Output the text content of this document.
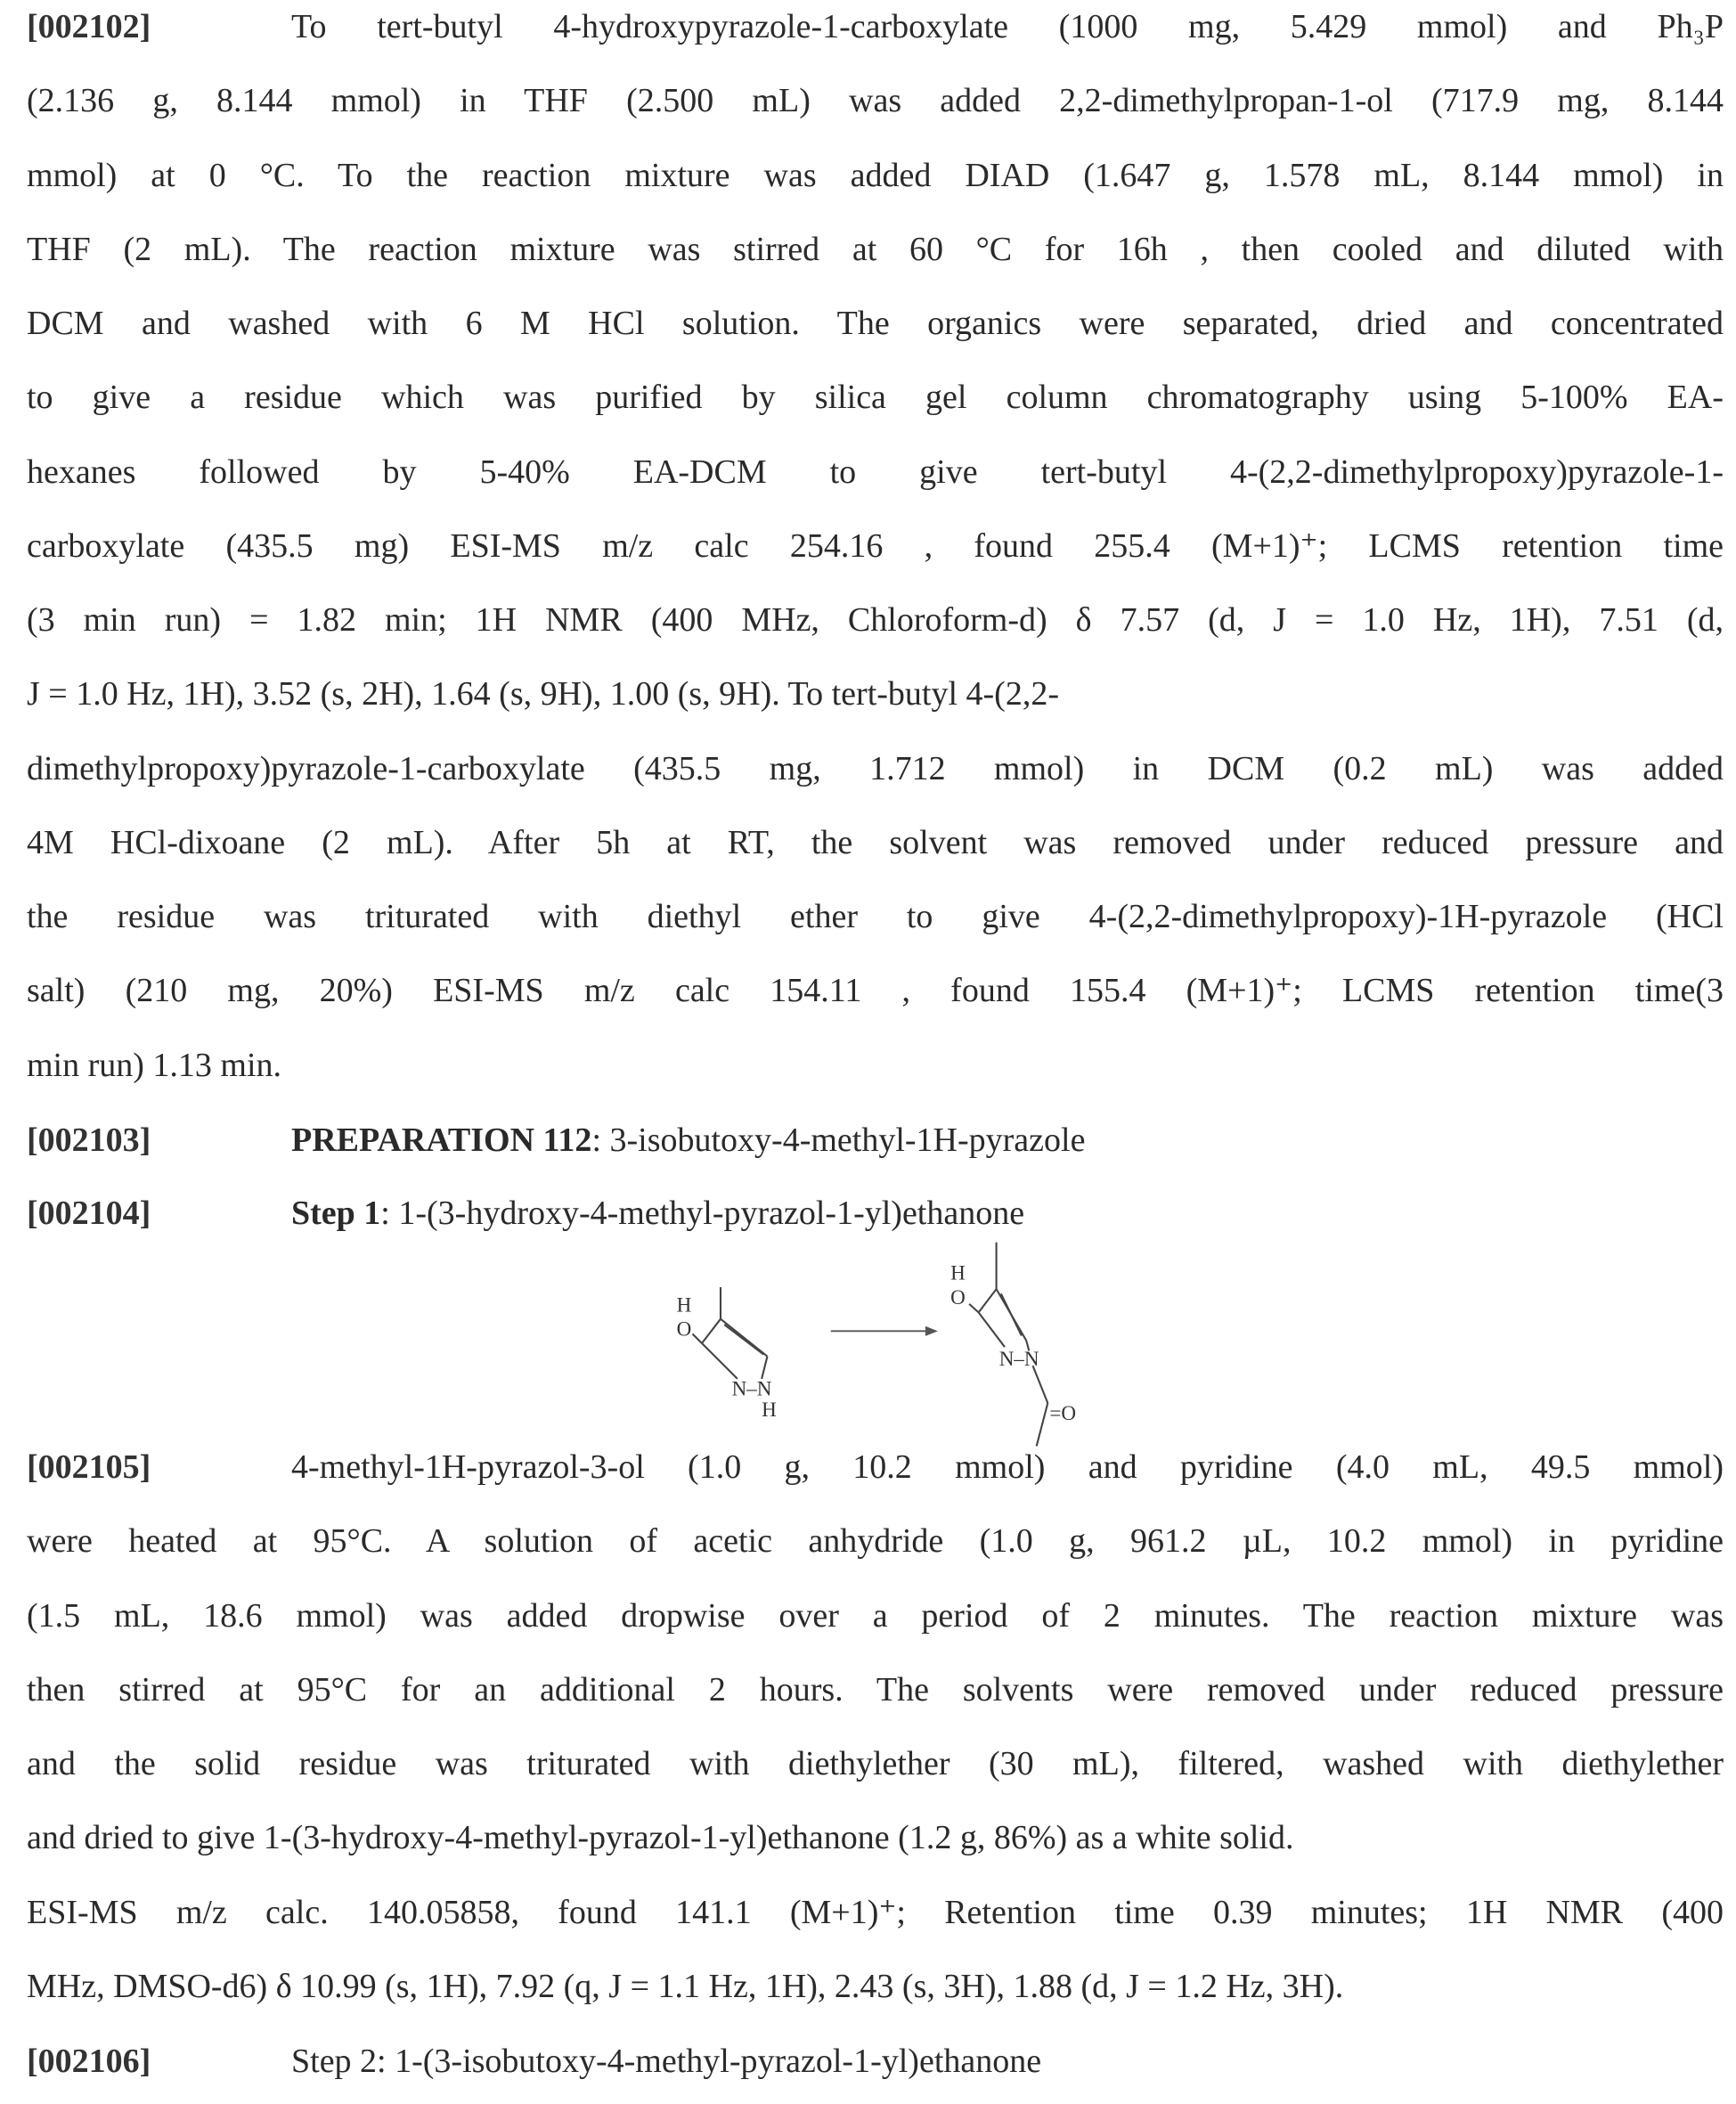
[002102]	To tert-butyl 4-hydroxypyrazole-1-carboxylate (1000 mg, 5.429 mmol) and Ph₃P
(2.136 g, 8.144 mmol) in THF (2.500 mL) was added 2,2-dimethylpropan-1-ol (717.9 mg, 8.144
mmol) at 0 °C. To the reaction mixture was added DIAD (1.647 g, 1.578 mL, 8.144 mmol) in
THF (2 mL). The reaction mixture was stirred at 60 °C for 16h , then cooled and diluted with
DCM and washed with 6 M HCl solution. The organics were separated, dried and concentrated
to give a residue which was purified by silica gel column chromatography using 5-100% EA-
hexanes followed by 5-40% EA-DCM to give tert-butyl 4-(2,2-dimethylpropoxy)pyrazole-1-
carboxylate (435.5 mg) ESI-MS m/z calc 254.16 , found 255.4 (M+1)⁺; LCMS retention time
(3 min run) = 1.82 min; 1H NMR (400 MHz, Chloroform-d) δ 7.57 (d, J = 1.0 Hz, 1H), 7.51 (d,
J = 1.0 Hz, 1H), 3.52 (s, 2H), 1.64 (s, 9H), 1.00 (s, 9H). To tert-butyl 4-(2,2-
dimethylpropoxy)pyrazole-1-carboxylate (435.5 mg, 1.712 mmol) in DCM (0.2 mL) was added
4M HCl-dixoane (2 mL). After 5h at RT, the solvent was removed under reduced pressure and
the residue was triturated with diethyl ether to give 4-(2,2-dimethylpropoxy)-1H-pyrazole (HCl
salt) (210 mg, 20%) ESI-MS m/z calc 154.11 , found 155.4 (M+1)⁺; LCMS retention time(3
min run) 1.13 min.
[002103]	PREPARATION 112: 3-isobutoxy-4-methyl-1H-pyrazole
[002104]	Step 1: 1-(3-hydroxy-4-methyl-pyrazol-1-yl)ethanone
H
O
N–N
H
H
O
N–N
=O
[002105]	4-methyl-1H-pyrazol-3-ol (1.0 g, 10.2 mmol) and pyridine (4.0 mL, 49.5 mmol)
were heated at 95°C. A solution of acetic anhydride (1.0 g, 961.2 µL, 10.2 mmol) in pyridine
(1.5 mL, 18.6 mmol) was added dropwise over a period of 2 minutes. The reaction mixture was
then stirred at 95°C for an additional 2 hours. The solvents were removed under reduced pressure
and the solid residue was triturated with diethylether (30 mL), filtered, washed with diethylether
and dried to give 1-(3-hydroxy-4-methyl-pyrazol-1-yl)ethanone (1.2 g, 86%) as a white solid.
ESI-MS m/z calc. 140.05858, found 141.1 (M+1)⁺; Retention time 0.39 minutes; 1H NMR (400
MHz, DMSO-d6) δ 10.99 (s, 1H), 7.92 (q, J = 1.1 Hz, 1H), 2.43 (s, 3H), 1.88 (d, J = 1.2 Hz, 3H).
[002106]	Step 2: 1-(3-isobutoxy-4-methyl-pyrazol-1-yl)ethanone
